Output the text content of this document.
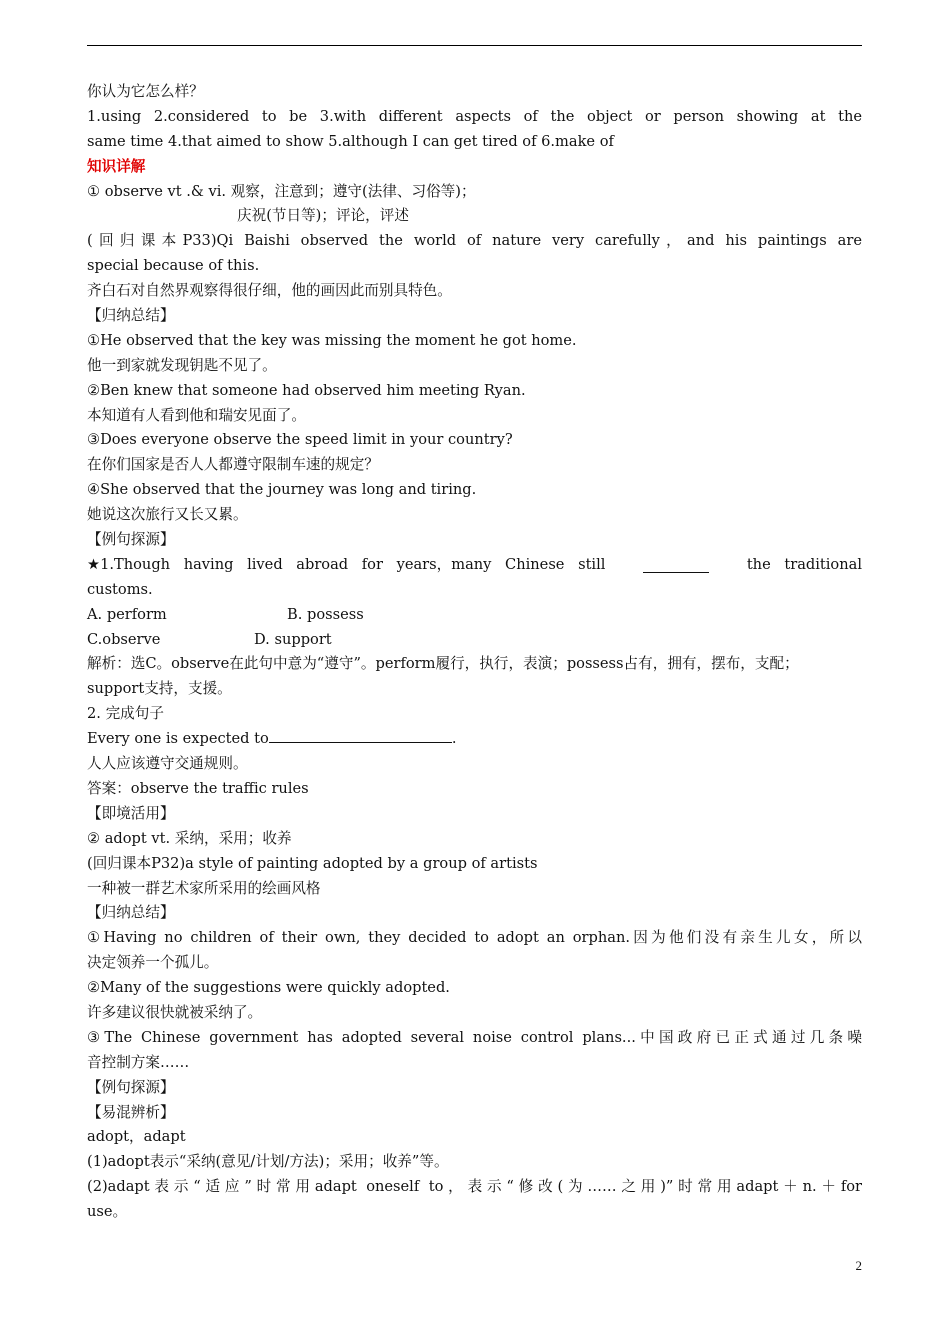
你认为它怎么样？
1.using 2.considered to be 3.with different aspects of the object or person showing at the
same time 4.that aimed to show 5.although I can get tired of 6.make of
知识详解
① observe vt .& vi. 观察，注意到；遵守(法律、习俗等)；
庆祝(节日等)；评论，评述
(回归课本P33)Qi Baishi observed the world of nature very carefully，and his paintings are
special because of this.
齐白石对自然界观察得很仔细，他的画因此而别具特色。
【归纳总结】
①He observed that the key was missing the moment he got home.
他一到家就发现钥匙不见了。
②Ben knew that someone had observed him meeting Ryan.
本知道有人看到他和瑞安见面了。
③Does everyone observe the speed limit in your country?
在你们国家是否人人都遵守限制车速的规定？
④She observed that the journey was long and tiring.
她说这次旅行又长又累。
【例句探源】
★1.Though having lived abroad for years，many Chinese still	the traditional
customs.
A. perform	B. possess
C.observe	D. support
解析：选C。observe在此句中意为“遵守”。perform履行，执行，表演；possess占有，拥有，摆布，支配；
support支持，支援。
2. 完成句子
Every one is expected to	.
人人应该遵守交通规则。
答案：observe the traffic rules
【即境活用】
② adopt vt. 采纳，采用；收养
(回归课本P32)a style of painting adopted by a group of artists
一种被一群艺术家所采用的绘画风格
【归纳总结】
①Having no children of their own, they decided to adopt an orphan.因为他们没有亲生儿女，所以
决定领养一个孤儿。
②Many of the suggestions were quickly adopted.
许多建议很快就被采纳了。
③The Chinese government has adopted several noise control plans...中国政府已正式通过几条噪
音控制方案……
【例句探源】
【易混辨析】
adopt，adapt
(1)adopt表示“采纳(意见/计划/方法)；采用；收养”等。
(2)adapt表示“适应”时常用adapt oneself to，表示“修改(为……之用)”时常用adapt＋n.＋for
use。
2
